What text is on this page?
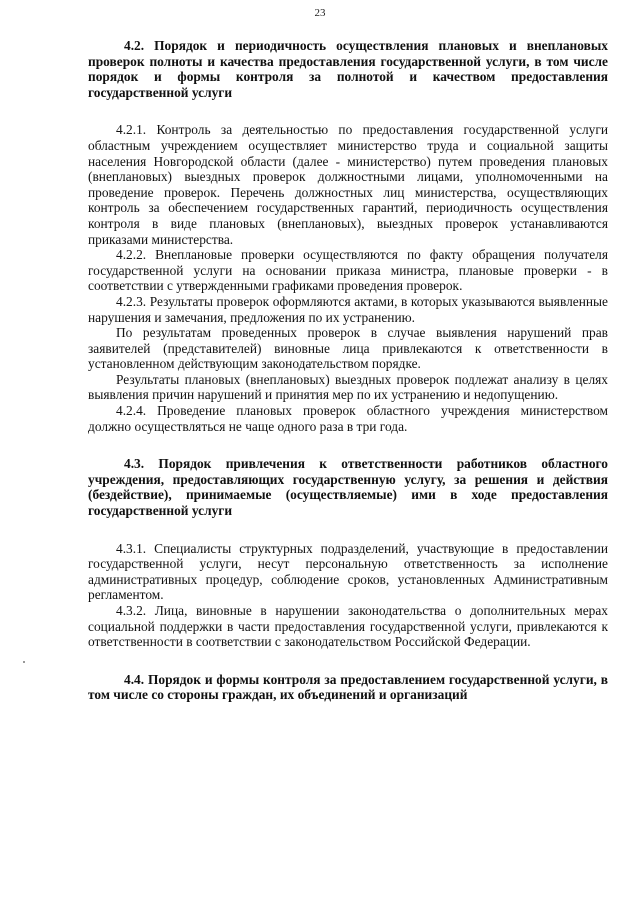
23
4.2. Порядок и периодичность осуществления плановых и внеплановых проверок полноты и качества предоставления государственной услуги, в том числе порядок и формы контроля за полнотой и качеством предоставления государственной услуги

4.2.1. Контроль за деятельностью по предоставления государственной услуги областным учреждением осуществляет министерство труда и социальной защиты населения Новгородской области (далее - министерство) путем проведения плановых (внеплановых) выездных проверок должностными лицами, уполномоченными на проведение проверок. Перечень должностных лиц министерства, осуществляющих контроль за обеспечением государственных гарантий, периодичность осуществления контроля в виде плановых (внеплановых), выездных проверок устанавливаются приказами министерства.

4.2.2. Внеплановые проверки осуществляются по факту обращения получателя государственной услуги на основании приказа министра, плановые проверки - в соответствии с утвержденными графиками проведения проверок.

4.2.3. Результаты проверок оформляются актами, в которых указываются выявленные нарушения и замечания, предложения по их устранению.

По результатам проведенных проверок в случае выявления нарушений прав заявителей (представителей) виновные лица привлекаются к ответственности в установленном действующим законодательством порядке.

Результаты плановых (внеплановых) выездных проверок подлежат анализу в целях выявления причин нарушений и принятия мер по их устранению и недопущению.

4.2.4. Проведение плановых проверок областного учреждения министерством должно осуществляться не чаще одного раза в три года.

4.3. Порядок привлечения к ответственности работников областного учреждения, предоставляющих государственную услугу, за решения и действия (бездействие), принимаемые (осуществляемые) ими в ходе предоставления государственной услуги

4.3.1. Специалисты структурных подразделений, участвующие в предоставлении государственной услуги, несут персональную ответственность за исполнение административных процедур, соблюдение сроков, установленных Административным регламентом.

4.3.2. Лица, виновные в нарушении законодательства о дополнительных мерах социальной поддержки в части предоставления государственной услуги, привлекаются к ответственности в соответствии с законодательством Российской Федерации.

4.4. Порядок и формы контроля за предоставлением государственной услуги, в том числе со стороны граждан, их объединений и организаций
